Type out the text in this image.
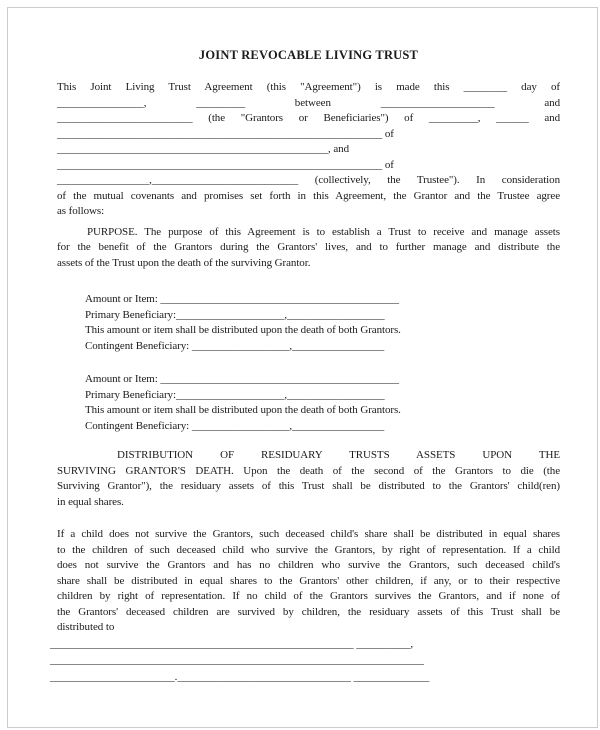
JOINT REVOCABLE LIVING TRUST
This Joint Living Trust Agreement (this "Agreement") is made this ________ day of
________________, _________ between _____________________ and
_________________________ (the "Grantors or Beneficiaries") of _________, ______ and
____________________________________________________________ of
__________________________________________________, and
____________________________________________________________ of
_________________,___________________________ (collectively, the Trustee"). In consideration
of the mutual covenants and promises set forth in this Agreement, the Grantor and the Trustee agree
as follows:
PURPOSE. The purpose of this Agreement is to establish a Trust to receive and manage assets
for the benefit of the Grantors during the Grantors' lives, and to further manage and distribute the
assets of the Trust upon the death of the surviving Grantor.
Amount or Item: ____________________________________________
Primary Beneficiary:____________________,__________________
This amount or item shall be distributed upon the death of both Grantors.
Contingent Beneficiary: __________________,_________________
Amount or Item: ____________________________________________
Primary Beneficiary:____________________,__________________
This amount or item shall be distributed upon the death of both Grantors.
Contingent Beneficiary: __________________,_________________
DISTRIBUTION OF RESIDUARY TRUSTS ASSETS UPON THE
SURVIVING GRANTOR'S DEATH. Upon the death of the second of the Grantors to die (the
Surviving Grantor"), the residuary assets of this Trust shall be distributed to the Grantors' child(ren)
in equal shares.
If a child does not survive the Grantors, such deceased child's share shall be distributed in equal shares
to the children of such deceased child who survive the Grantors, by right of representation. If a child
does not survive the Grantors and has no children who survive the Grantors, such deceased child's
share shall be distributed in equal shares to the Grantors' other children, if any, or to their respective
children by right of representation. If no child of the Grantors survives the Grantors, and if none of
the Grantors' deceased children are survived by children, the residuary assets of this Trust shall be
distributed to
________________________________________________________ __________,
_____________________________________________________________________
_______________________.________________________________ ______________
